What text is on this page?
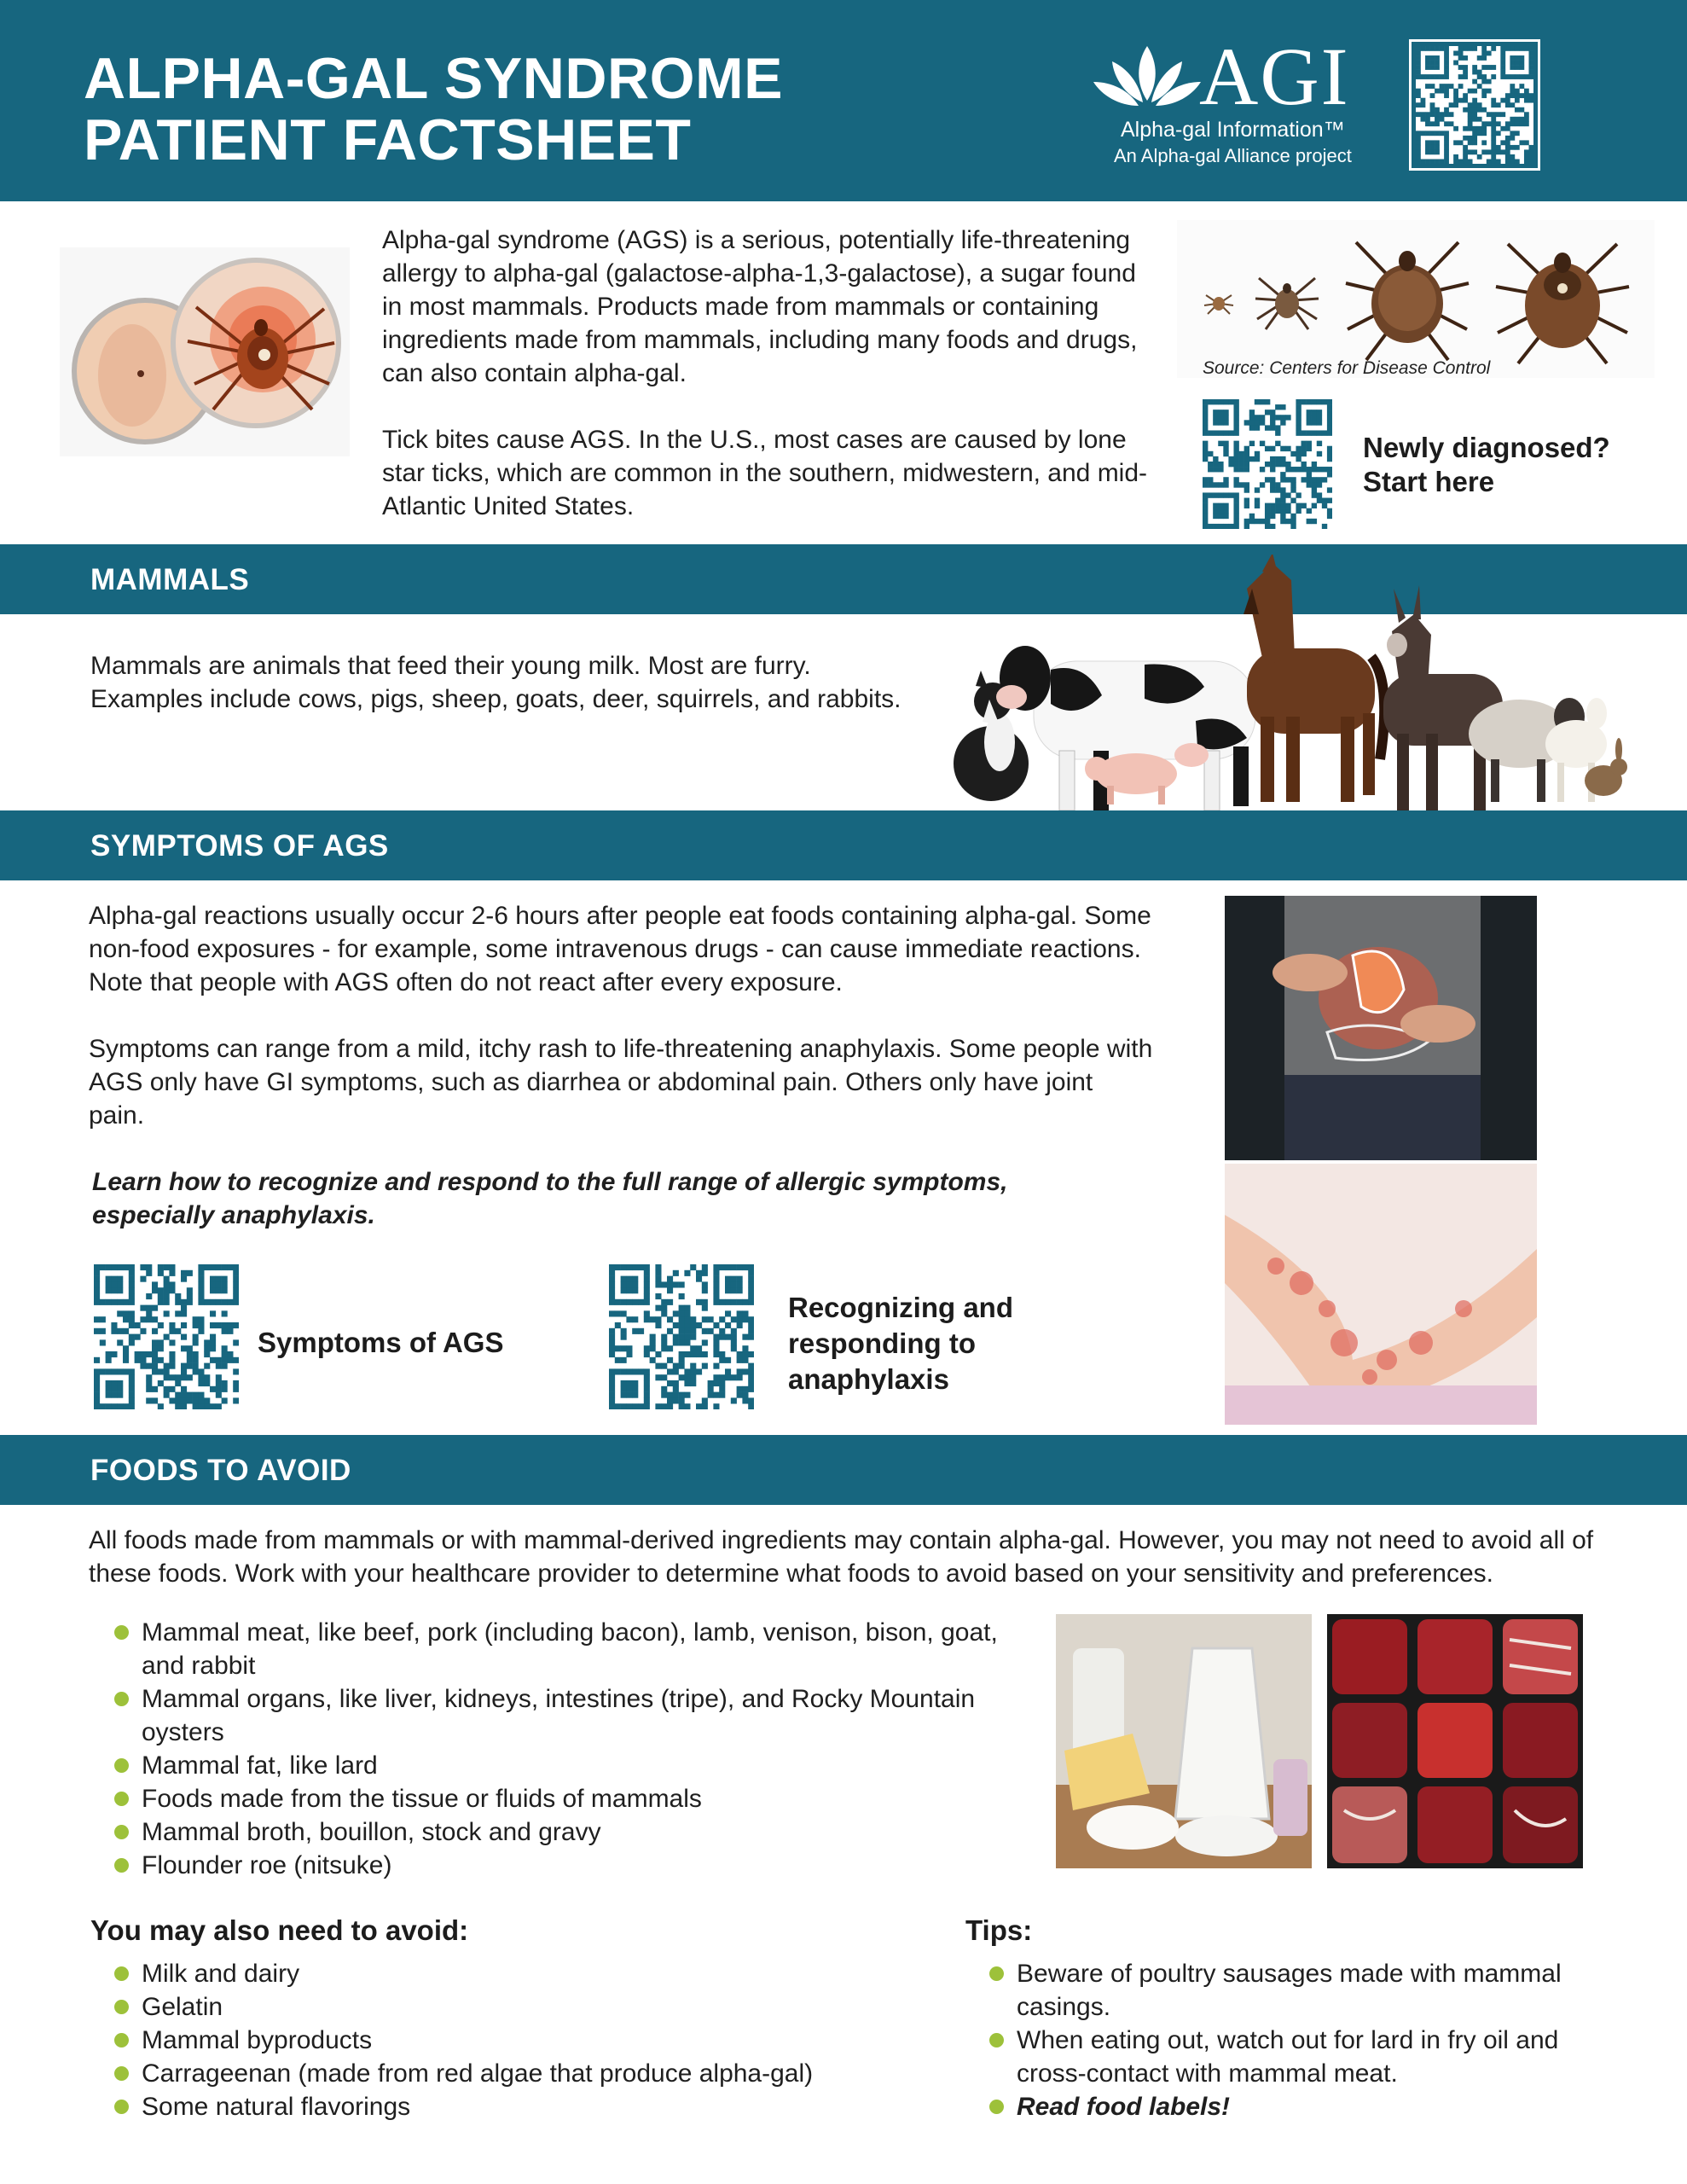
ALPHA-GAL SYNDROME
PATIENT FACTSHEET
AGI
Alpha-gal Information™
An Alpha-gal Alliance project

Alpha-gal syndrome (AGS) is a serious, potentially life-threatening allergy to alpha-gal (galactose-alpha-1,3-galactose), a sugar found in most mammals. Products made from mammals or containing ingredients made from mammals, including many foods and drugs, can also contain alpha-gal.

Tick bites cause AGS. In the U.S., most cases are caused by lone star ticks, which are common in the southern, midwestern, and mid-Atlantic United States.

Source: Centers for Disease Control
Newly diagnosed?
Start here
MAMMALS
Mammals are animals that feed their young milk. Most are furry.
Examples include cows, pigs, sheep, goats, deer, squirrels, and rabbits.
SYMPTOMS OF AGS

Alpha-gal reactions usually occur 2-6 hours after people eat foods containing alpha-gal. Some non-food exposures - for example, some intravenous drugs - can cause immediate reactions. Note that people with AGS often do not react after every exposure.

Symptoms can range from a mild, itchy rash to life-threatening anaphylaxis. Some people with AGS only have GI symptoms, such as diarrhea or abdominal pain. Others only have joint pain.

Learn how to recognize and respond to the full range of allergic symptoms, especially anaphylaxis.

Symptoms of AGS
Recognizing and
responding to
anaphylaxis
FOODS TO AVOID
All foods made from mammals or with mammal-derived ingredients may contain alpha-gal. However, you may not need to avoid all of these foods. Work with your healthcare provider to determine what foods to avoid based on your sensitivity and preferences.
Mammal meat, like beef, pork (including bacon), lamb, venison, bison, goat, and rabbit
Mammal organs, like liver, kidneys, intestines (tripe), and Rocky Mountain oysters
Mammal fat, like lard
Foods made from the tissue or fluids of mammals
Mammal broth, bouillon, stock and gravy
Flounder roe (nitsuke)
You may also need to avoid:
Milk and dairy
Gelatin
Mammal byproducts
Carrageenan (made from red algae that produce alpha-gal)
Some natural flavorings
Tips:
Beware of poultry sausages made with mammal casings.
When eating out, watch out for lard in fry oil and cross-contact with mammal meat.
Read food labels!
